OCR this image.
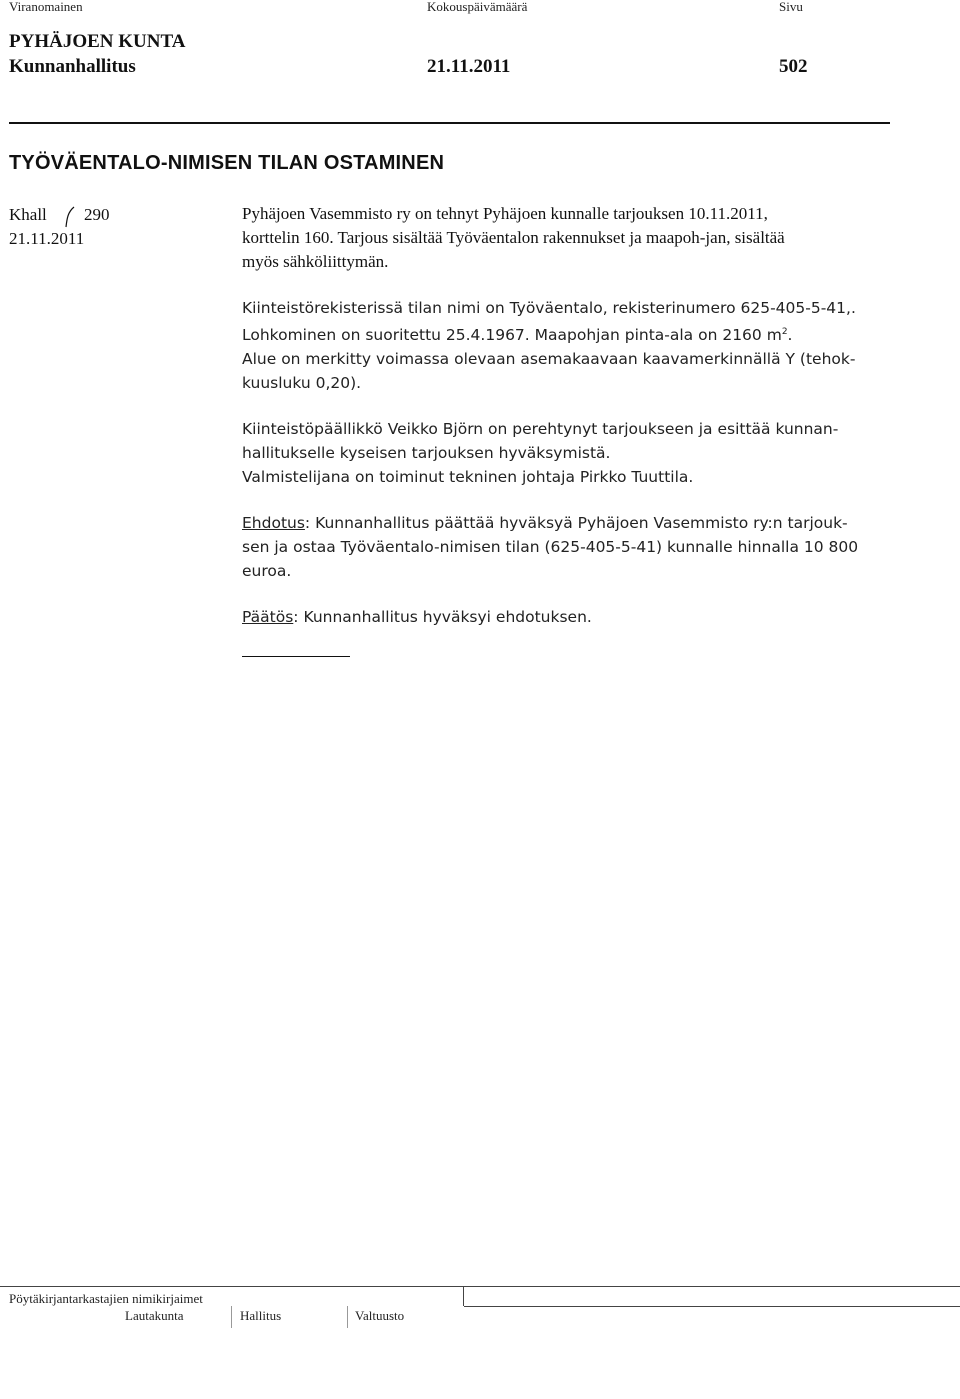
Viranomainen	Kokouspäivämäärä	Sivu
PYHÄJOEN KUNTA
Kunnanhallitus	21.11.2011	502
TYÖVÄENTALO-NIMISEN TILAN OSTAMINEN
Khall 290
21.11.2011

Pyhäjoen Vasemmisto ry on tehnyt Pyhäjoen kunnalle tarjouksen 10.11.2011,
korttelin 160. Tarjous sisältää Työväentalon rakennukset ja maapoh-jan, sisältää
myös sähköliittymän.

Kiinteistörekisterissä tilan nimi on Työväentalo, rekisterinumero 625-405-5-41,.
Lohkominen on suoritettu 25.4.1967. Maapohjan pinta-ala on 2160 $m^2$.
Alue on merkitty voimassa olevaan asemakaavaan kaavamerkinnällä Y (tehok-
kuusluku 0,20).

Kiinteistöpäällikkö Veikko Björn on perehtynyt tarjoukseen ja esittää kunnan-
hallitukselle kyseisen tarjouksen hyväksymistä.
Valmistelijana on toiminut tekninen johtaja Pirkko Tuuttila.

Ehdotus: Kunnanhallitus päättää hyväksyä Pyhäjoen Vasemmisto ry:n tarjouk-
sen ja ostaa Työväentalo-nimisen tilan (625-405-5-41) kunnalle hinnalla 10 800
euroa.

Päätös: Kunnanhallitus hyväksyi ehdotuksen.

Pöytäkirjantarkastajien nimikirjaimet
Lautakunta	Hallitus	Valtuusto
